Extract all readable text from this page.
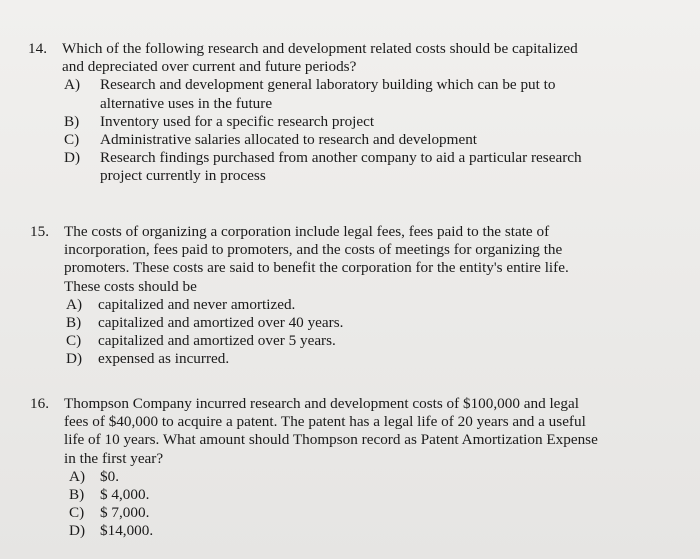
14. Which of the following research and development related costs should be capitalized
and depreciated over current and future periods?
A) Research and development general laboratory building which can be put to
alternative uses in the future
B) Inventory used for a specific research project
C) Administrative salaries allocated to research and development
D) Research findings purchased from another company to aid a particular research
project currently in process
15. The costs of organizing a corporation include legal fees, fees paid to the state of
incorporation, fees paid to promoters, and the costs of meetings for organizing the
promoters. These costs are said to benefit the corporation for the entity's entire life.
These costs should be
A) capitalized and never amortized.
B) capitalized and amortized over 40 years.
C) capitalized and amortized over 5 years.
D) expensed as incurred.
16. Thompson Company incurred research and development costs of $100,000 and legal
fees of $40,000 to acquire a patent. The patent has a legal life of 20 years and a useful
life of 10 years. What amount should Thompson record as Patent Amortization Expense
in the first year?
A) $0.
B) $ 4,000.
C) $ 7,000.
D) $14,000.
